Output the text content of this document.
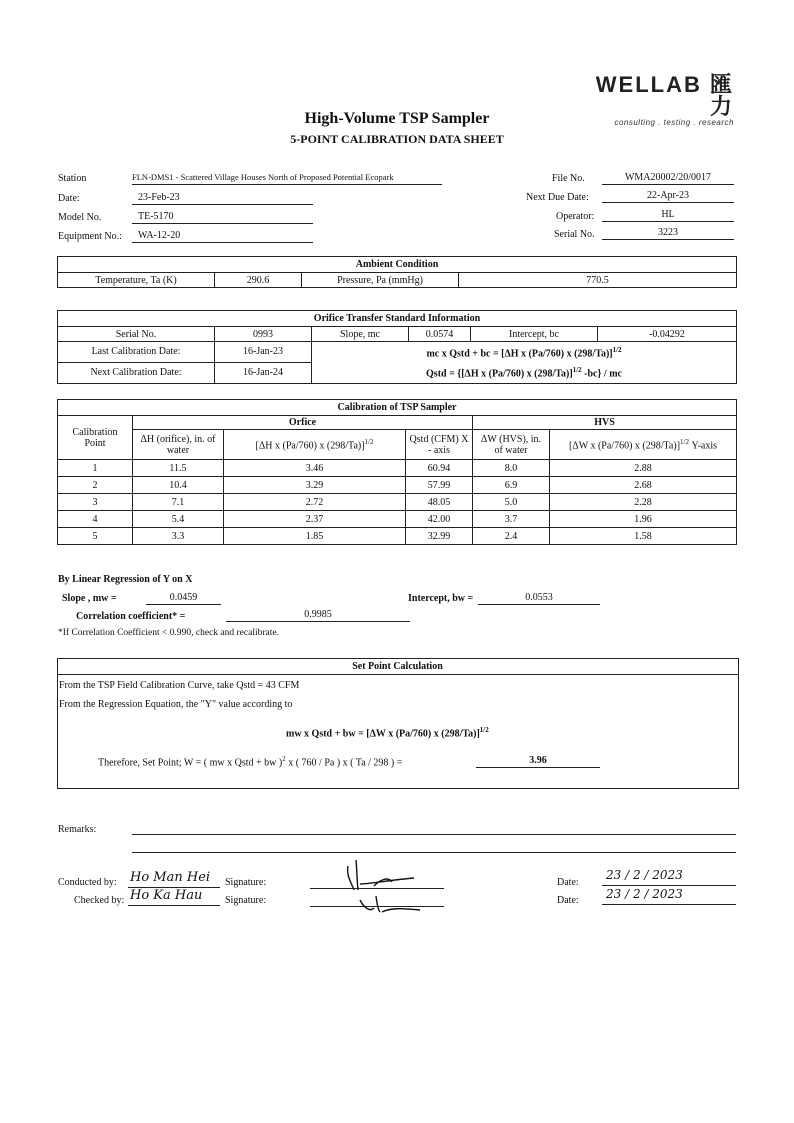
WELLAB 匯力
consulting . testing . research
High-Volume TSP Sampler
5-POINT CALIBRATION DATA SHEET
Station	FLN-DMS1 - Scattered Village Houses North of Proposed Potential Ecopark
Date:	23-Feb-23
Model No.	TE-5170
Equipment No.:	WA-12-20
File No.	WMA20002/20/0017
Next Due Date:	22-Apr-23
Operator:	HL
Serial No.	3223
Ambient Condition
Temperature, Ta (K)	290.6	Pressure, Pa (mmHg)	770.5
Orifice Transfer Standard Information					
Serial No.	0993	Slope, mc	0.0574	Intercept, bc	-0.04292
Last Calibration Date:	16-Jan-23	mc x Qstd + bc = [ΔH x (Pa/760) x (298/Ta)]$^{1/2}$
Qstd = {[ΔH x (Pa/760) x (298/Ta)]$^{1/2}$ -bc} / mc			

Next Calibration Date:	16-Jan-24				
Calibration of TSP Sampler					
Calibration Point	Orfice			HVS	
	ΔH (orifice), in. of water	[ΔH x (Pa/760) x (298/Ta)]$^{1/2}$	Qstd (CFM) X - axis	ΔW (HVS), in. of water	[ΔW x (Pa/760) x (298/Ta)]$^{1/2}$ Y-axis
1	11.5	3.46	60.94	8.0	2.88
2	10.4	3.29	57.99	6.9	2.68
3	7.1	2.72	48.05	5.0	2.28
4	5.4	2.37	42.00	3.7	1.96
5	3.3	1.85	32.99	2.4	1.58
By Linear Regression of Y on X
Slope , mw =	0.0459	Intercept, bw =	0.0553
Correlation coefficient* =	0.9985
*If Correlation Coefficient < 0.990, check and recalibrate.
Set Point Calculation
From the TSP Field Calibration Curve, take Qstd = 43 CFM
From the Regression Equation, the "Y" value according to
mw x Qstd + bw = [ΔW x (Pa/760) x (298/Ta)]$^{1/2}$
Therefore, Set Point; W = ( mw x Qstd + bw )$^2$ x ( 760 / Pa ) x ( Ta / 298 ) =	3.96
Remarks:
Conducted by: Ho Man Hei	Signature:
Checked by: Ho Ka Hau	Signature:
Date:
23 / 2 / 2023
Date: 23 / 2 / 2023
